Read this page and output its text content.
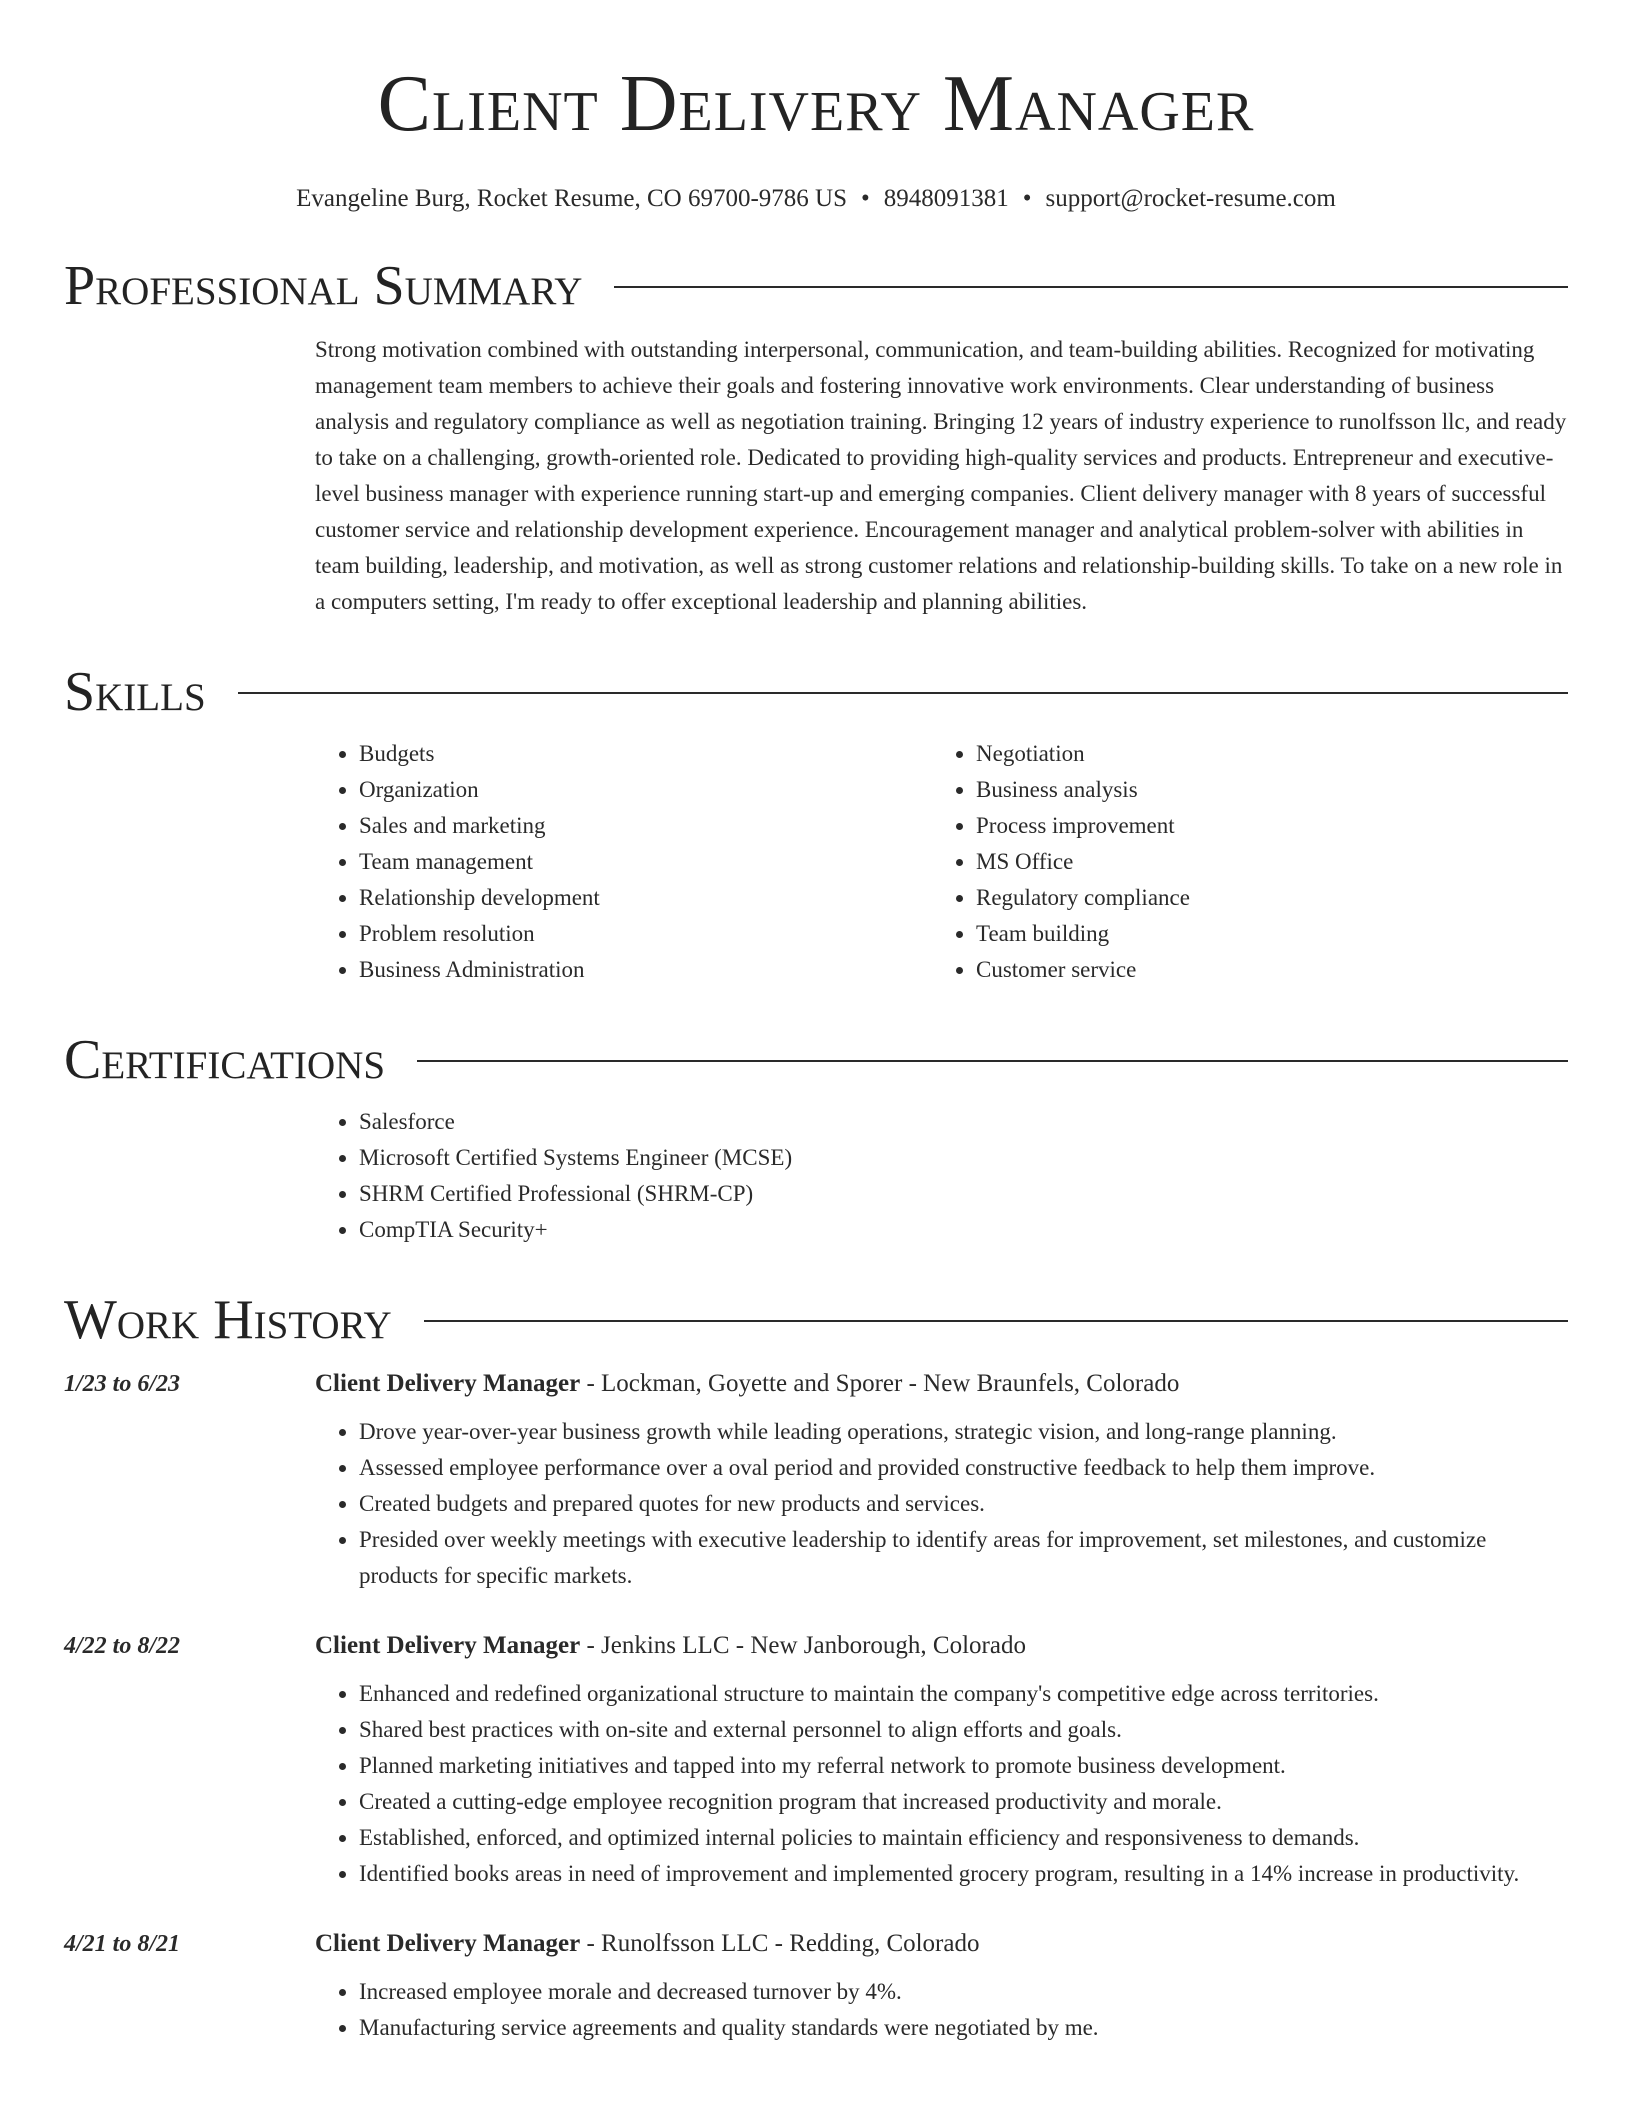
Client Delivery Manager
Evangeline Burg, Rocket Resume, CO 69700-9786 US • 8948091381 • support@rocket-resume.com
Professional Summary
Strong motivation combined with outstanding interpersonal, communication, and team-building abilities. Recognized for motivating management team members to achieve their goals and fostering innovative work environments. Clear understanding of business analysis and regulatory compliance as well as negotiation training. Bringing 12 years of industry experience to runolfsson llc, and ready to take on a challenging, growth-oriented role. Dedicated to providing high-quality services and products. Entrepreneur and executive-level business manager with experience running start-up and emerging companies. Client delivery manager with 8 years of successful customer service and relationship development experience. Encouragement manager and analytical problem-solver with abilities in team building, leadership, and motivation, as well as strong customer relations and relationship-building skills. To take on a new role in a computers setting, I'm ready to offer exceptional leadership and planning abilities.
Skills
• Budgets
• Organization
• Sales and marketing
• Team management
• Relationship development
• Problem resolution
• Business Administration
• Negotiation
• Business analysis
• Process improvement
• MS Office
• Regulatory compliance
• Team building
• Customer service
Certifications
• Salesforce
• Microsoft Certified Systems Engineer (MCSE)
• SHRM Certified Professional (SHRM-CP)
• CompTIA Security+
Work History
1/23 to 6/23	Client Delivery Manager - Lockman, Goyette and Sporer - New Braunfels, Colorado
• Drove year-over-year business growth while leading operations, strategic vision, and long-range planning.
• Assessed employee performance over a oval period and provided constructive feedback to help them improve.
• Created budgets and prepared quotes for new products and services.
• Presided over weekly meetings with executive leadership to identify areas for improvement, set milestones, and customize products for specific markets.
4/22 to 8/22	Client Delivery Manager - Jenkins LLC - New Janborough, Colorado
• Enhanced and redefined organizational structure to maintain the company's competitive edge across territories.
• Shared best practices with on-site and external personnel to align efforts and goals.
• Planned marketing initiatives and tapped into my referral network to promote business development.
• Created a cutting-edge employee recognition program that increased productivity and morale.
• Established, enforced, and optimized internal policies to maintain efficiency and responsiveness to demands.
• Identified books areas in need of improvement and implemented grocery program, resulting in a 14% increase in productivity.
4/21 to 8/21	Client Delivery Manager - Runolfsson LLC - Redding, Colorado
• Increased employee morale and decreased turnover by 4%.
• Manufacturing service agreements and quality standards were negotiated by me.
